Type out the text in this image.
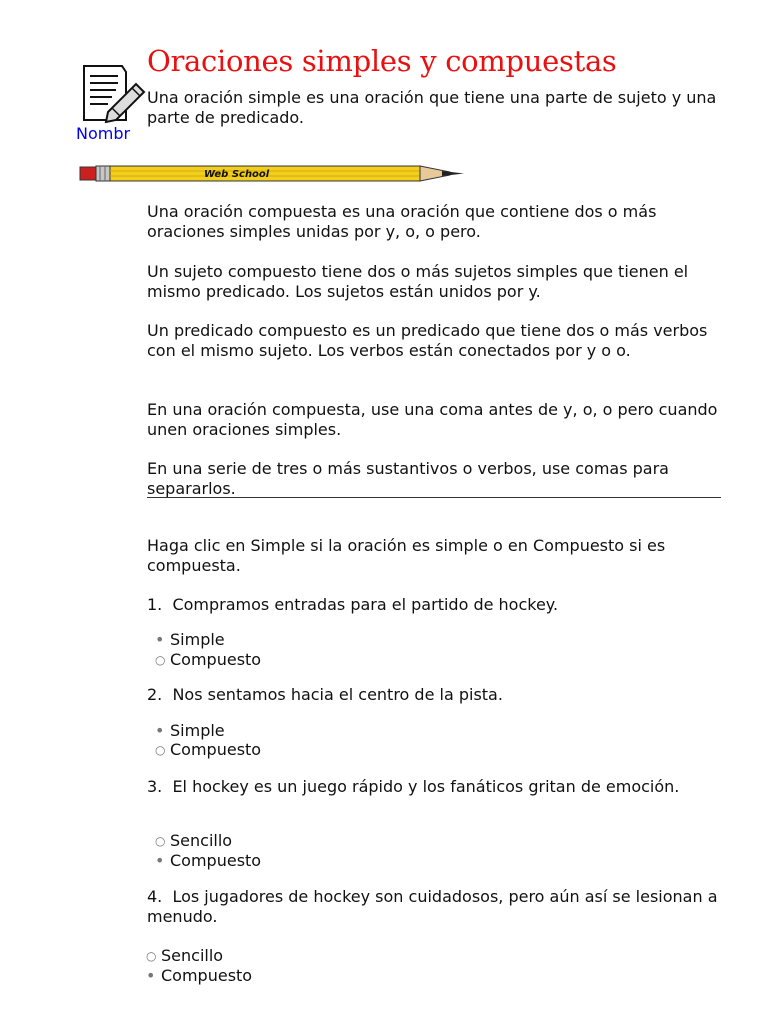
Oraciones simples y compuestas
Nombr
Web School
Una oración simple es una oración que tiene una parte de sujeto y una parte de predicado.
Una oración compuesta es una oración que contiene dos o más oraciones simples unidas por y, o, o pero.
Un sujeto compuesto tiene dos o más sujetos simples que tienen el mismo predicado. Los sujetos están unidos por y.
Un predicado compuesto es un predicado que tiene dos o más verbos con el mismo sujeto. Los verbos están conectados por y o o.
En una oración compuesta, use una coma antes de y, o, o pero cuando unen oraciones simples.
En una serie de tres o más sustantivos o verbos, use comas para separarlos.
Haga clic en Simple si la oración es simple o en Compuesto si es compuesta.
1. Compramos entradas para el partido de hockey.
• Simple
○ Compuesto
2. Nos sentamos hacia el centro de la pista.
• Simple
○ Compuesto
3. El hockey es un juego rápido y los fanáticos gritan de emoción.
○ Sencillo
• Compuesto
4. Los jugadores de hockey son cuidadosos, pero aún así se lesionan a menudo.
○ Sencillo
• Compuesto
